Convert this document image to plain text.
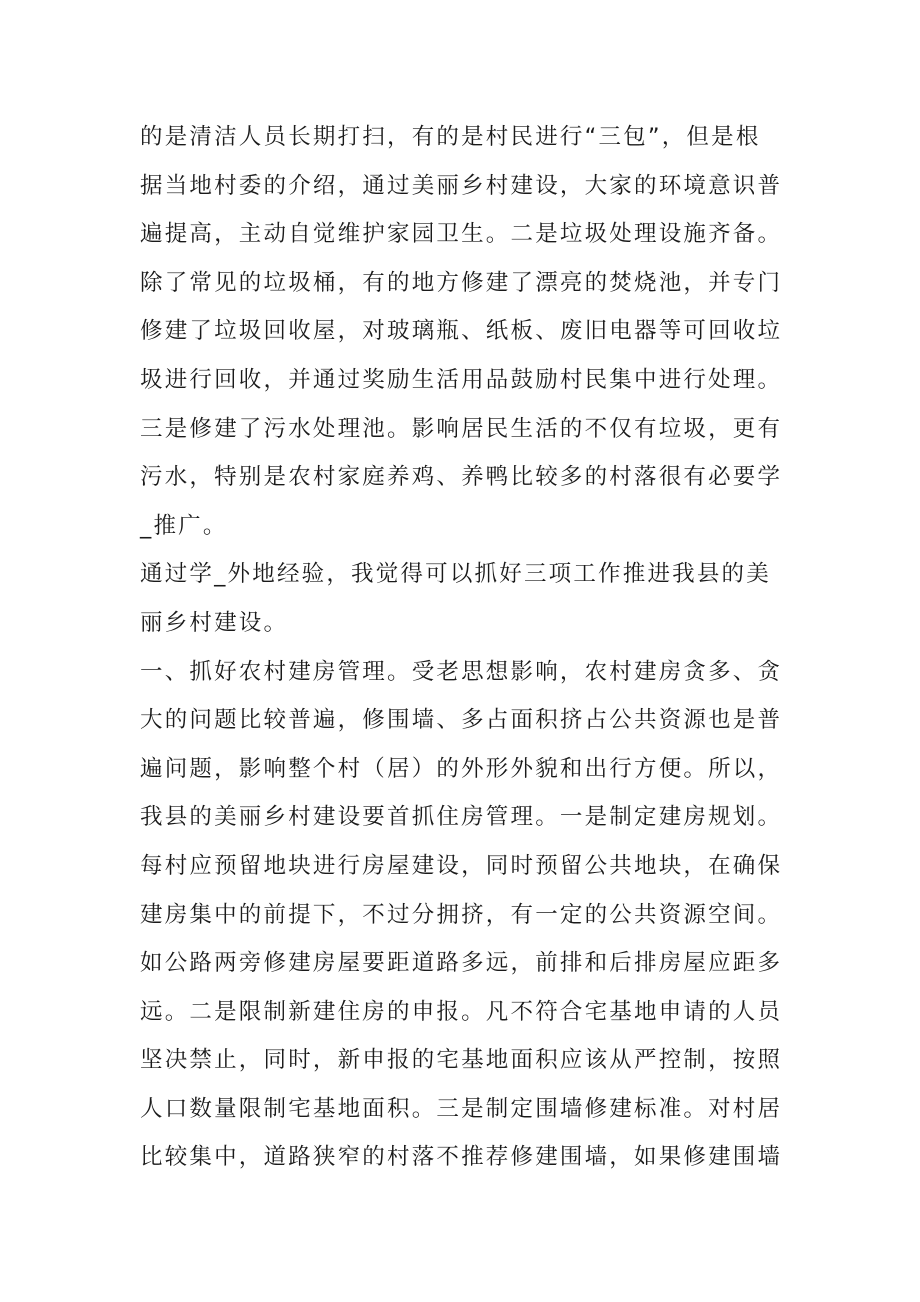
的是清洁人员长期打扫，有的是村民进行“三包”，但是根
据当地村委的介绍，通过美丽乡村建设，大家的环境意识普
遍提高，主动自觉维护家园卫生。二是垃圾处理设施齐备。
除了常见的垃圾桶，有的地方修建了漂亮的焚烧池，并专门
修建了垃圾回收屋，对玻璃瓶、纸板、废旧电器等可回收垃
圾进行回收，并通过奖励生活用品鼓励村民集中进行处理。
三是修建了污水处理池。影响居民生活的不仅有垃圾，更有
污水，特别是农村家庭养鸡、养鸭比较多的村落很有必要学
_推广。
通过学_外地经验，我觉得可以抓好三项工作推进我县的美
丽乡村建设。
一、抓好农村建房管理。受老思想影响，农村建房贪多、贪
大的问题比较普遍，修围墙、多占面积挤占公共资源也是普
遍问题，影响整个村（居）的外形外貌和出行方便。所以，
我县的美丽乡村建设要首抓住房管理。一是制定建房规划。
每村应预留地块进行房屋建设，同时预留公共地块，在确保
建房集中的前提下，不过分拥挤，有一定的公共资源空间。
如公路两旁修建房屋要距道路多远，前排和后排房屋应距多
远。二是限制新建住房的申报。凡不符合宅基地申请的人员
坚决禁止，同时，新申报的宅基地面积应该从严控制，按照
人口数量限制宅基地面积。三是制定围墙修建标准。对村居
比较集中，道路狭窄的村落不推荐修建围墙，如果修建围墙
